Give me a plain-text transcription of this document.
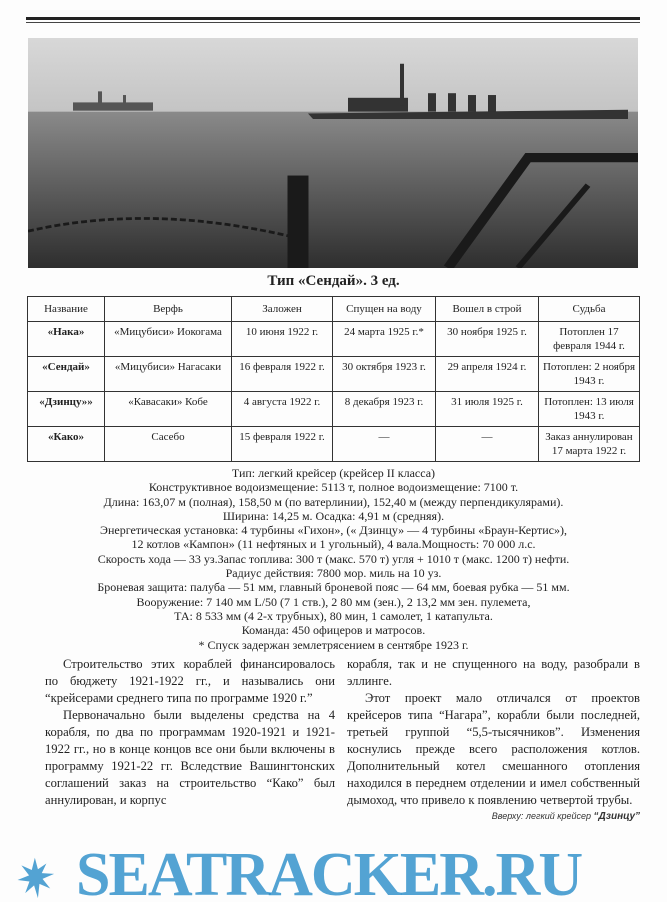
Тип «Сендай». 3 ед.
Название	Верфь	Заложен	Спущен на воду	Вошел в строй	Судьба
«Нака»	«Мицубиси» Иокогама	10 июня 1922 г.	24 марта 1925 г.*	30 ноября 1925 г.	Потоплен 17 февраля 1944 г.
«Сендай»	«Мицубиси» Нагасаки	16 февраля 1922 г.	30 октября 1923 г.	29 апреля 1924 г.	Потоплен: 2 ноября 1943 г.
«Дзинцу»»	«Кавасаки» Кобе	4 августа 1922 г.	8 декабря 1923 г.	31 июля 1925 г.	Потоплен: 13 июля 1943 г.
«Како»	Сасебо	15 февраля 1922 г.	—	—	Заказ аннулирован 17 марта 1922 г.
Тип: легкий крейсер (крейсер II класса)
Конструктивное водоизмещение: 5113 т, полное водоизмещение: 7100 т.
Длина: 163,07 м (полная), 158,50 м (по ватерлинии), 152,40 м (между перпендикулярами).
Ширина: 14,25 м. Осадка: 4,91 м (средняя).
Энергетическая установка: 4 турбины «Гихон», (« Дзинцу» — 4 турбины «Браун-Кертис»),
12 котлов «Кампон» (11 нефтяных и 1 угольный), 4 вала.Мощность: 70 000 л.с.
Скорость хода — 33 уз.Запас топлива: 300 т (макс. 570 т) угля + 1010 т (макс. 1200 т) нефти.
Радиус действия: 7800 мор. миль на 10 уз.
Броневая защита: палуба — 51 мм, главный броневой пояс — 64 мм, боевая рубка — 51 мм.
Вооружение: 7 140 мм L/50 (7 1 ств.), 2 80 мм (зен.), 2 13,2 мм зен. пулемета,
ТА: 8 533 мм (4 2-х трубных), 80 мин, 1 самолет, 1 катапульта.
Команда: 450 офицеров и матросов.
* Спуск задержан землетрясением в сентябре 1923 г.

Строительство этих кораблей финансировалось по бюджету 1921-1922 гг., и назывались они “крейсерами среднего типа по программе 1920 г.”

Первоначально были выделены средства на 4 корабля, по два по программам 1920-1921 и 1921-1922 гг., но в конце концов все они были включены в программу 1921-22 гг. Вследствие Вашингтонских соглашений заказ на строительство “Како” был аннулирован, и корпус

корабля, так и не спущенного на воду, разобрали в эллинге.

Этот проект мало отличался от проектов крейсеров типа “Нагара”, корабли были последней, третьей группой “5,5-тысячников”. Изменения коснулись прежде всего расположения котлов. Дополнительный котел смешанного отопления находился в переднем отделении и имел собственный дымоход, что привело к появлению четвертой трубы.

Вверху: легкий крейсер “Дзинцу”
SEATRACKER.RU
